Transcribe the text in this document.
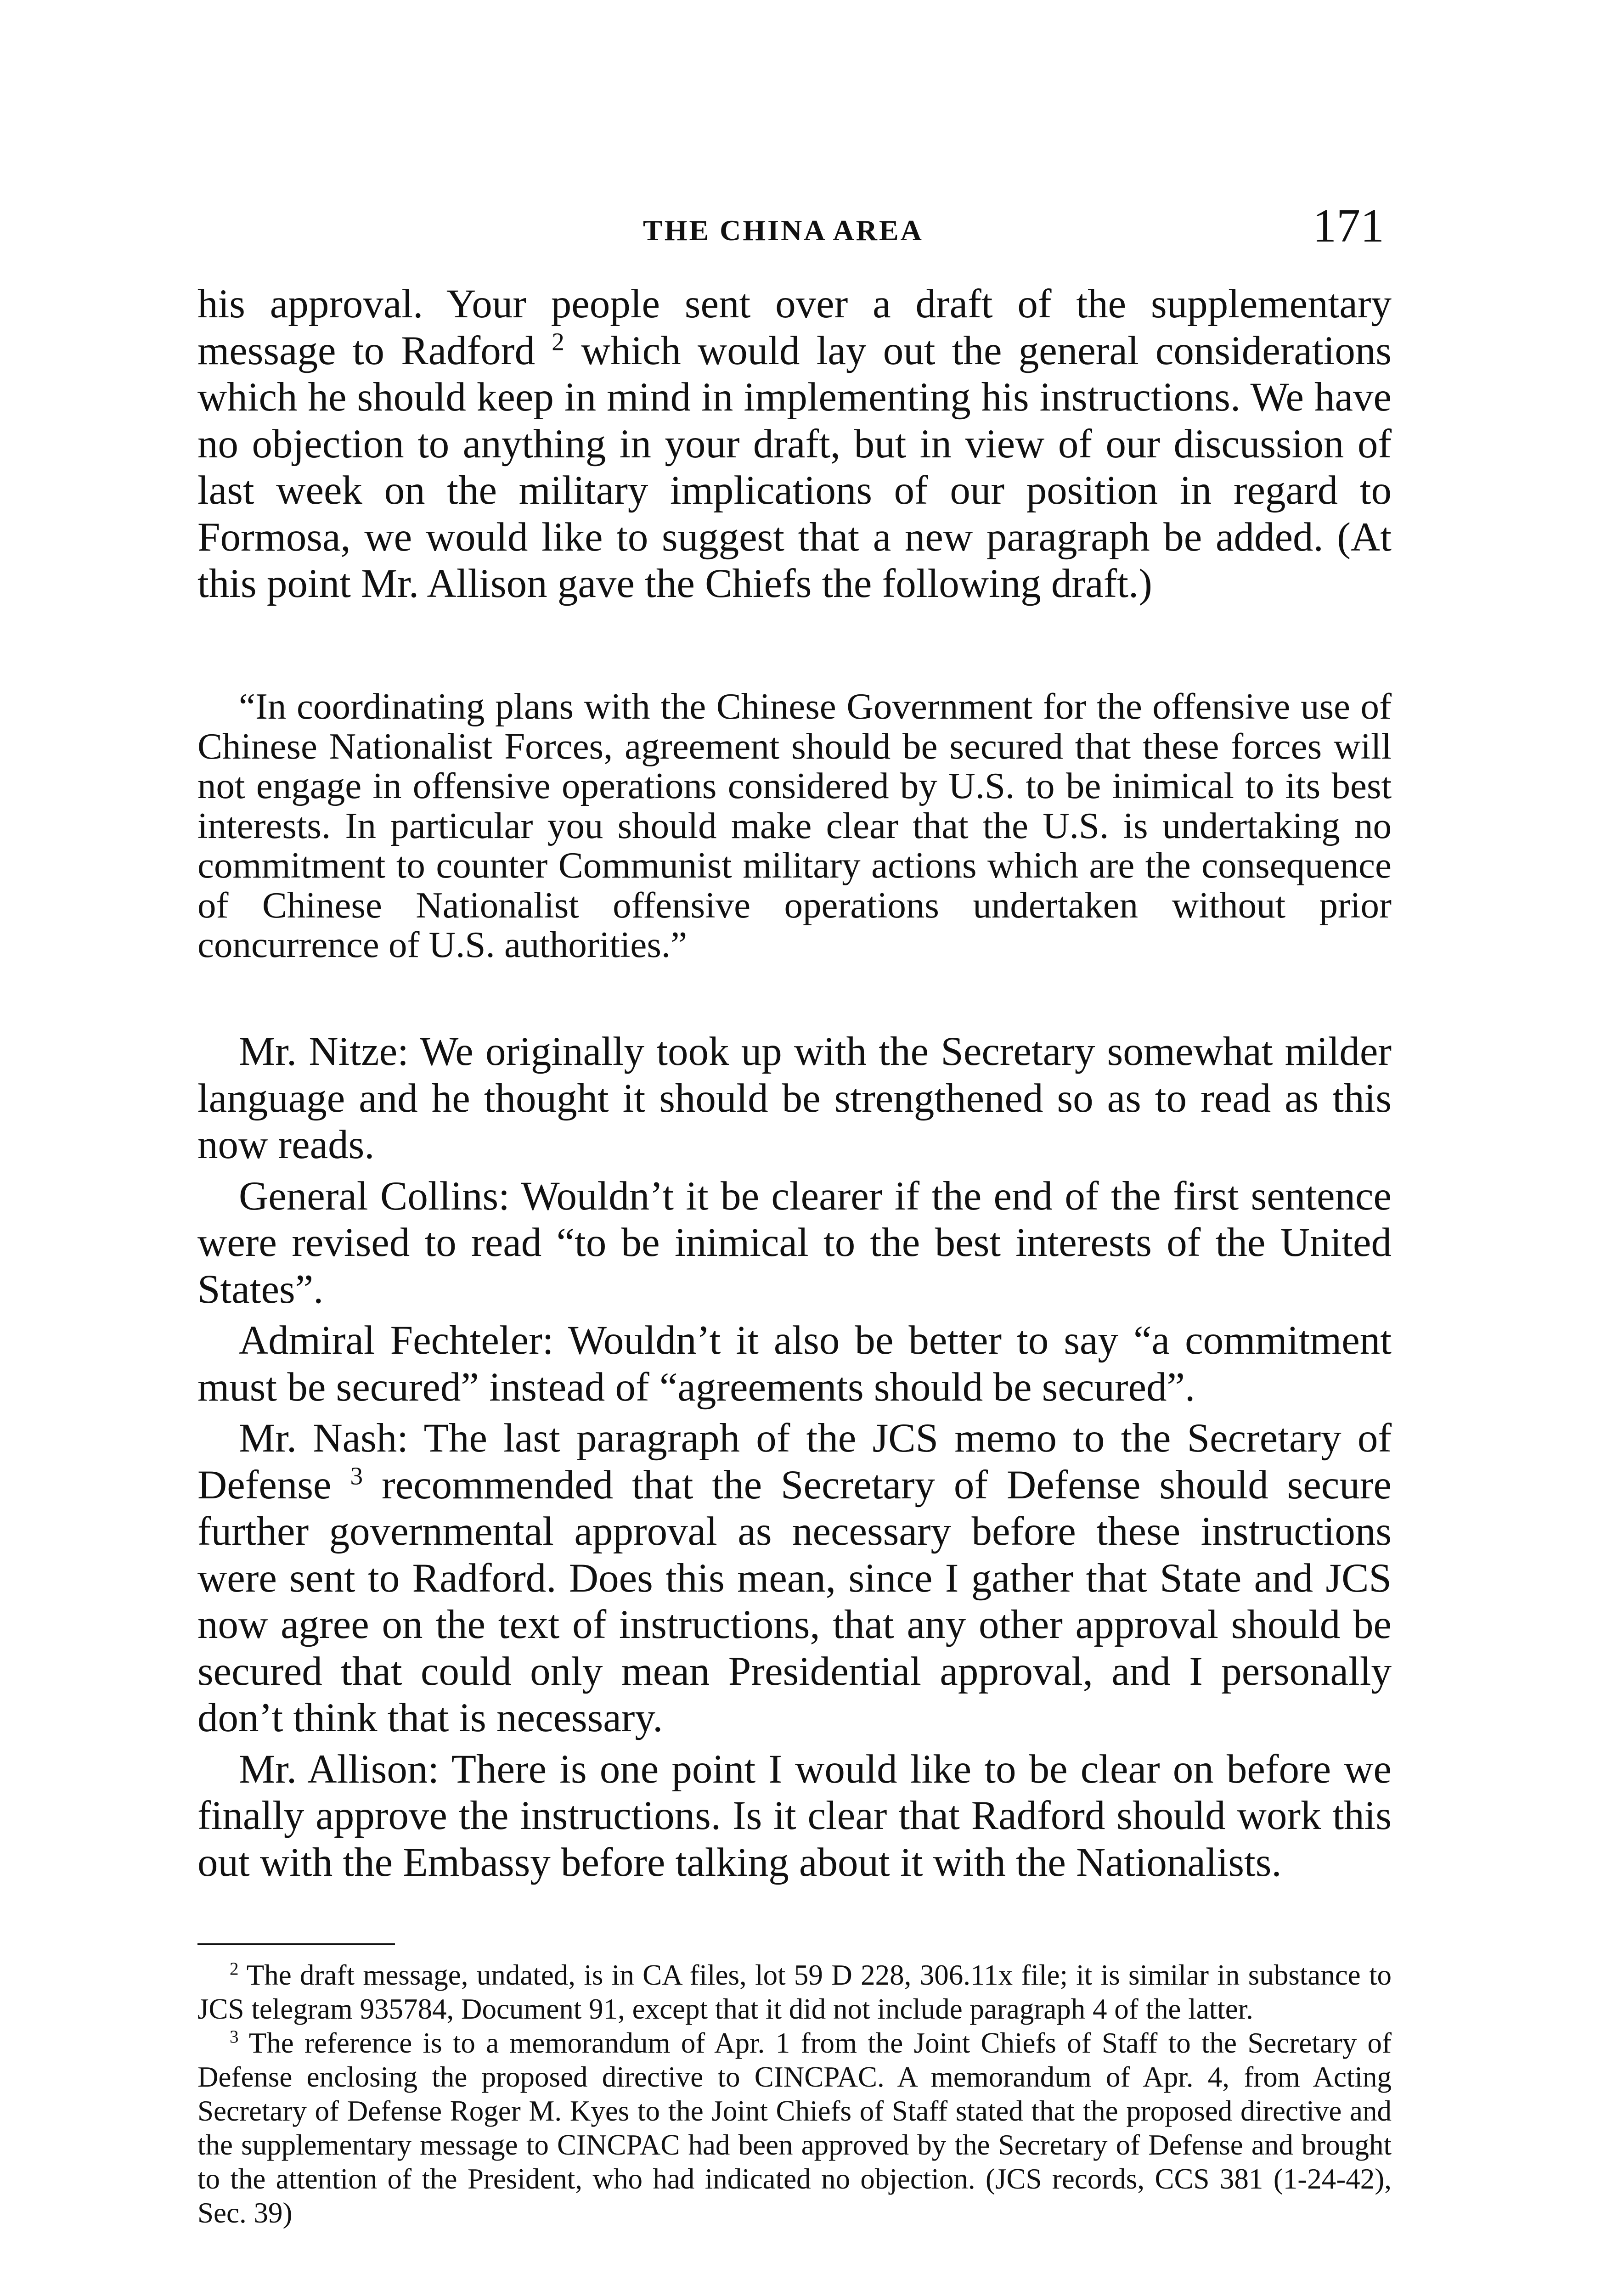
THE CHINA AREA	171

his approval. Your people sent over a draft of the supplementary message to Radford $^2$ which would lay out the general considerations which he should keep in mind in implementing his instructions. We have no objection to anything in your draft, but in view of our discussion of last week on the military implications of our position in regard to Formosa, we would like to suggest that a new paragraph be added. (At this point Mr. Allison gave the Chiefs the following draft.)

“In coordinating plans with the Chinese Government for the offensive use of Chinese Nationalist Forces, agreement should be secured that these forces will not engage in offensive operations considered by U.S. to be inimical to its best interests. In particular you should make clear that the U.S. is undertaking no commitment to counter Communist military actions which are the consequence of Chinese Nationalist offensive operations undertaken without prior concurrence of U.S. authorities.”

Mr. Nitze: We originally took up with the Secretary somewhat milder language and he thought it should be strengthened so as to read as this now reads.

General Collins: Wouldn’t it be clearer if the end of the first sentence were revised to read “to be inimical to the best interests of the United States”.

Admiral Fechteler: Wouldn’t it also be better to say “a commitment must be secured” instead of “agreements should be secured”.

Mr. Nash: The last paragraph of the JCS memo to the Secretary of Defense $^3$ recommended that the Secretary of Defense should secure further governmental approval as necessary before these instructions were sent to Radford. Does this mean, since I gather that State and JCS now agree on the text of instructions, that any other approval should be secured that could only mean Presidential approval, and I personally don’t think that is necessary.

Mr. Allison: There is one point I would like to be clear on before we finally approve the instructions. Is it clear that Radford should work this out with the Embassy before talking about it with the Nationalists.

$^2$ The draft message, undated, is in CA files, lot 59 D 228, 306.11x file; it is similar in substance to JCS telegram 935784, Document 91, except that it did not include paragraph 4 of the latter.

$^3$ The reference is to a memorandum of Apr. 1 from the Joint Chiefs of Staff to the Secretary of Defense enclosing the proposed directive to CINCPAC. A memorandum of Apr. 4, from Acting Secretary of Defense Roger M. Kyes to the Joint Chiefs of Staff stated that the proposed directive and the supplementary message to CINCPAC had been approved by the Secretary of Defense and brought to the attention of the President, who had indicated no objection. (JCS records, CCS 381 (1-24-42), Sec. 39)
